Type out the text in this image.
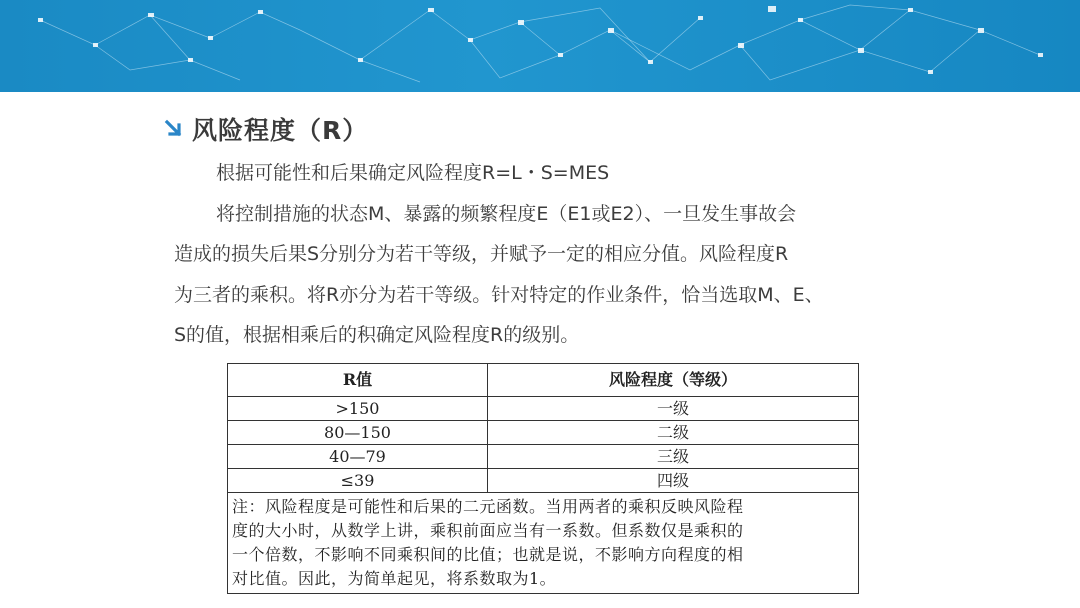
风险程度（R）
根据可能性和后果确定风险程度R=L・S=MES
将控制措施的状态M、暴露的频繁程度E（E1或E2）、一旦发生事故会
造成的损失后果S分别分为若干等级，并赋予一定的相应分值。风险程度R
为三者的乘积。将R亦分为若干等级。针对特定的作业条件，恰当选取M、E、
S的值，根据相乘后的积确定风险程度R的级别。
R值	风险程度（等级）
>150	一级
80—150	二级
40—79	三级
≤39	四级

注：风险程度是可能性和后果的二元函数。当用两者的乘积反映风险程
度的大小时，从数学上讲，乘积前面应当有一系数。但系数仅是乘积的
一个倍数，不影响不同乘积间的比值；也就是说，不影响方向程度的相
对比值。因此，为简单起见，将系数取为1。	
